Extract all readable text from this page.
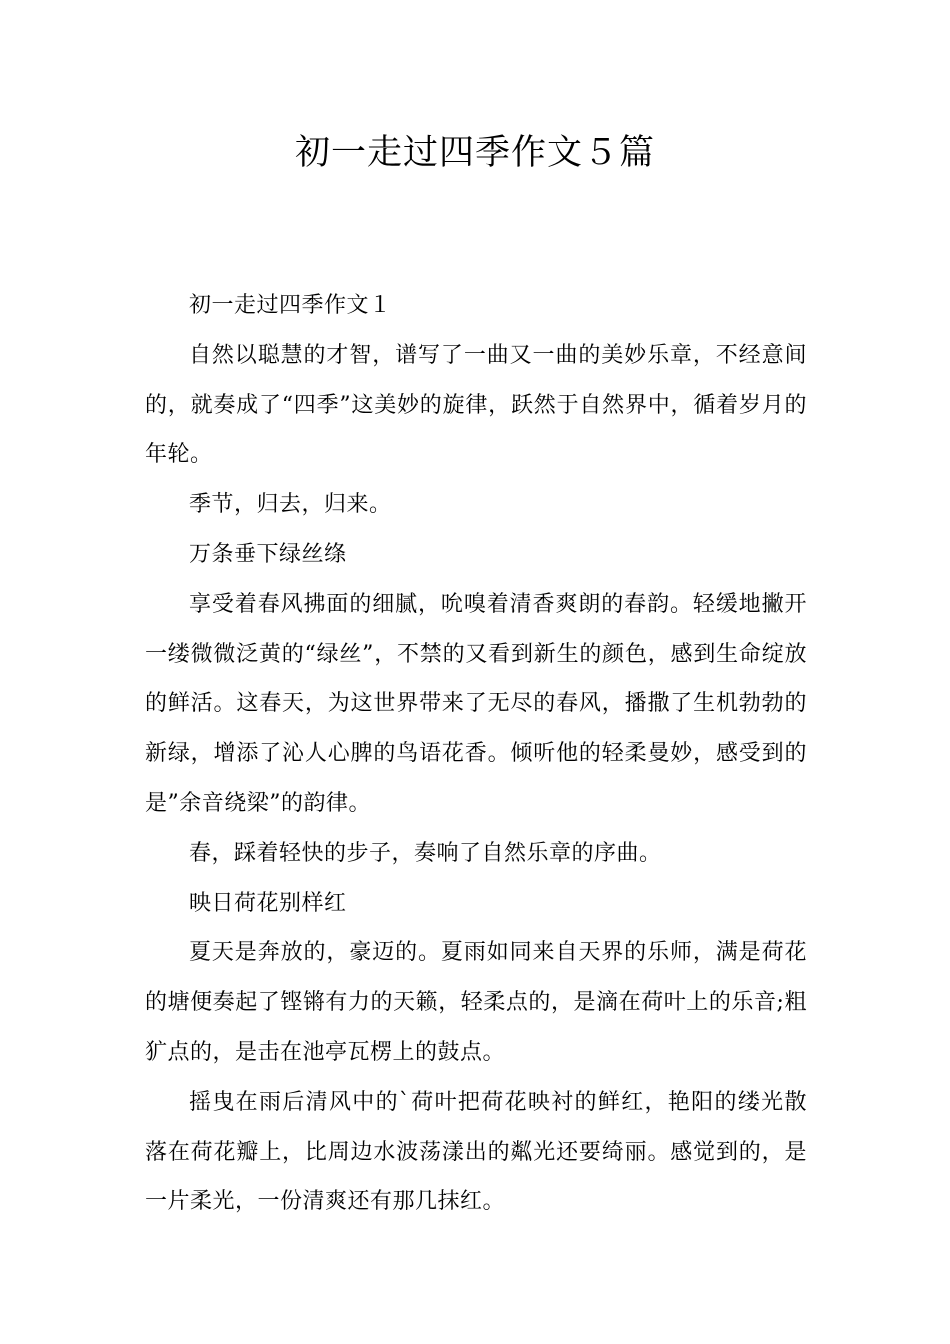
初一走过四季作文５篇

初一走过四季作文１

自然以聪慧的才智，谱写了一曲又一曲的美妙乐章，不经意间的，就奏成了“四季”这美妙的旋律，跃然于自然界中，循着岁月的年轮。

季节，归去，归来。

万条垂下绿丝绦

享受着春风拂面的细腻，吮嗅着清香爽朗的春韵。轻缓地撇开一缕微微泛黄的“绿丝”，不禁的又看到新生的颜色，感到生命绽放的鲜活。这春天，为这世界带来了无尽的春风，播撒了生机勃勃的新绿，增添了沁人心脾的鸟语花香。倾听他的轻柔曼妙，感受到的是”余音绕梁”的韵律。

春，踩着轻快的步子，奏响了自然乐章的序曲。

映日荷花别样红

夏天是奔放的，豪迈的。夏雨如同来自天界的乐师，满是荷花的塘便奏起了铿锵有力的天籁，轻柔点的，是滴在荷叶上的乐音;粗犷点的，是击在池亭瓦楞上的鼓点。

摇曳在雨后清风中的`荷叶把荷花映衬的鲜红，艳阳的缕光散落在荷花瓣上，比周边水波荡漾出的粼光还要绮丽。感觉到的，是一片柔光，一份清爽还有那几抹红。
